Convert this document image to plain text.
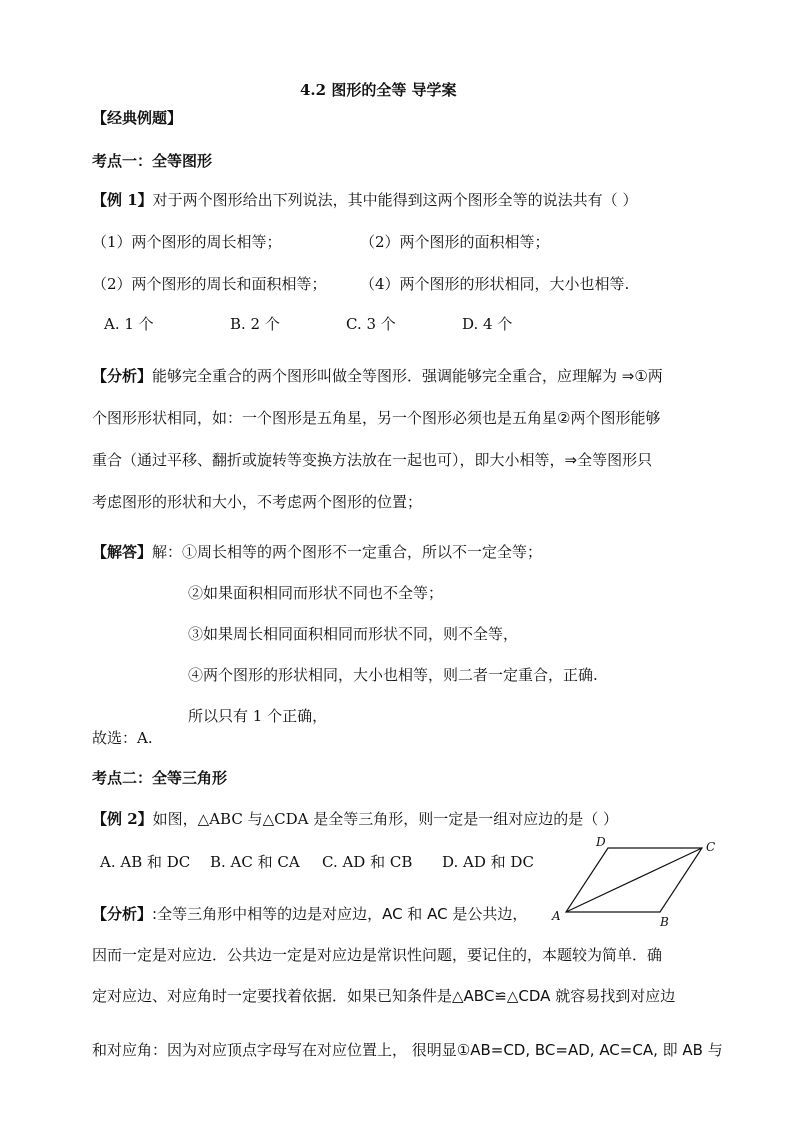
4.2 图形的全等 导学案
【经典例题】
考点一：全等图形
【例 1】对于两个图形给出下列说法，其中能得到这两个图形全等的说法共有（ ）
（1）两个图形的周长相等；	（2）两个图形的面积相等；
（2）两个图形的周长和面积相等； （4）两个图形的形状相同，大小也相等.
A. 1 个	B. 2 个	C. 3 个	D. 4 个
【分析】能够完全重合的两个图形叫做全等图形．强调能够完全重合，应理解为 ⇒①两
个图形形状相同，如：一个图形是五角星，另一个图形必须也是五角星②两个图形能够
重合（通过平移、翻折或旋转等变换方法放在一起也可），即大小相等，⇒全等图形只
考虑图形的形状和大小，不考虑两个图形的位置；
【解答】解：①周长相等的两个图形不一定重合，所以不一定全等；
②如果面积相同而形状不同也不全等；
③如果周长相同面积相同而形状不同，则不全等，
④两个图形的形状相同，大小也相等，则二者一定重合，正确.
所以只有 1 个正确，
故选：A.
考点二：全等三角形
【例 2】如图，△ABC 与△CDA 是全等三角形，则一定是一组对应边的是（ ）
A. AB 和 DC B. AC 和 CA C. AD 和 CB D. AD 和 DC
A	B
C
D
【分析】:全等三角形中相等的边是对应边，AC 和 AC 是公共边，
因而一定是对应边．公共边一定是对应边是常识性问题，要记住的，本题较为简单．确
定对应边、对应角时一定要找着依据．如果已知条件是△ABC≌△CDA 就容易找到对应边
和对应角：因为对应顶点字母写在对应位置上， 很明显①AB=CD, BC=AD, AC=CA, 即 AB 与
